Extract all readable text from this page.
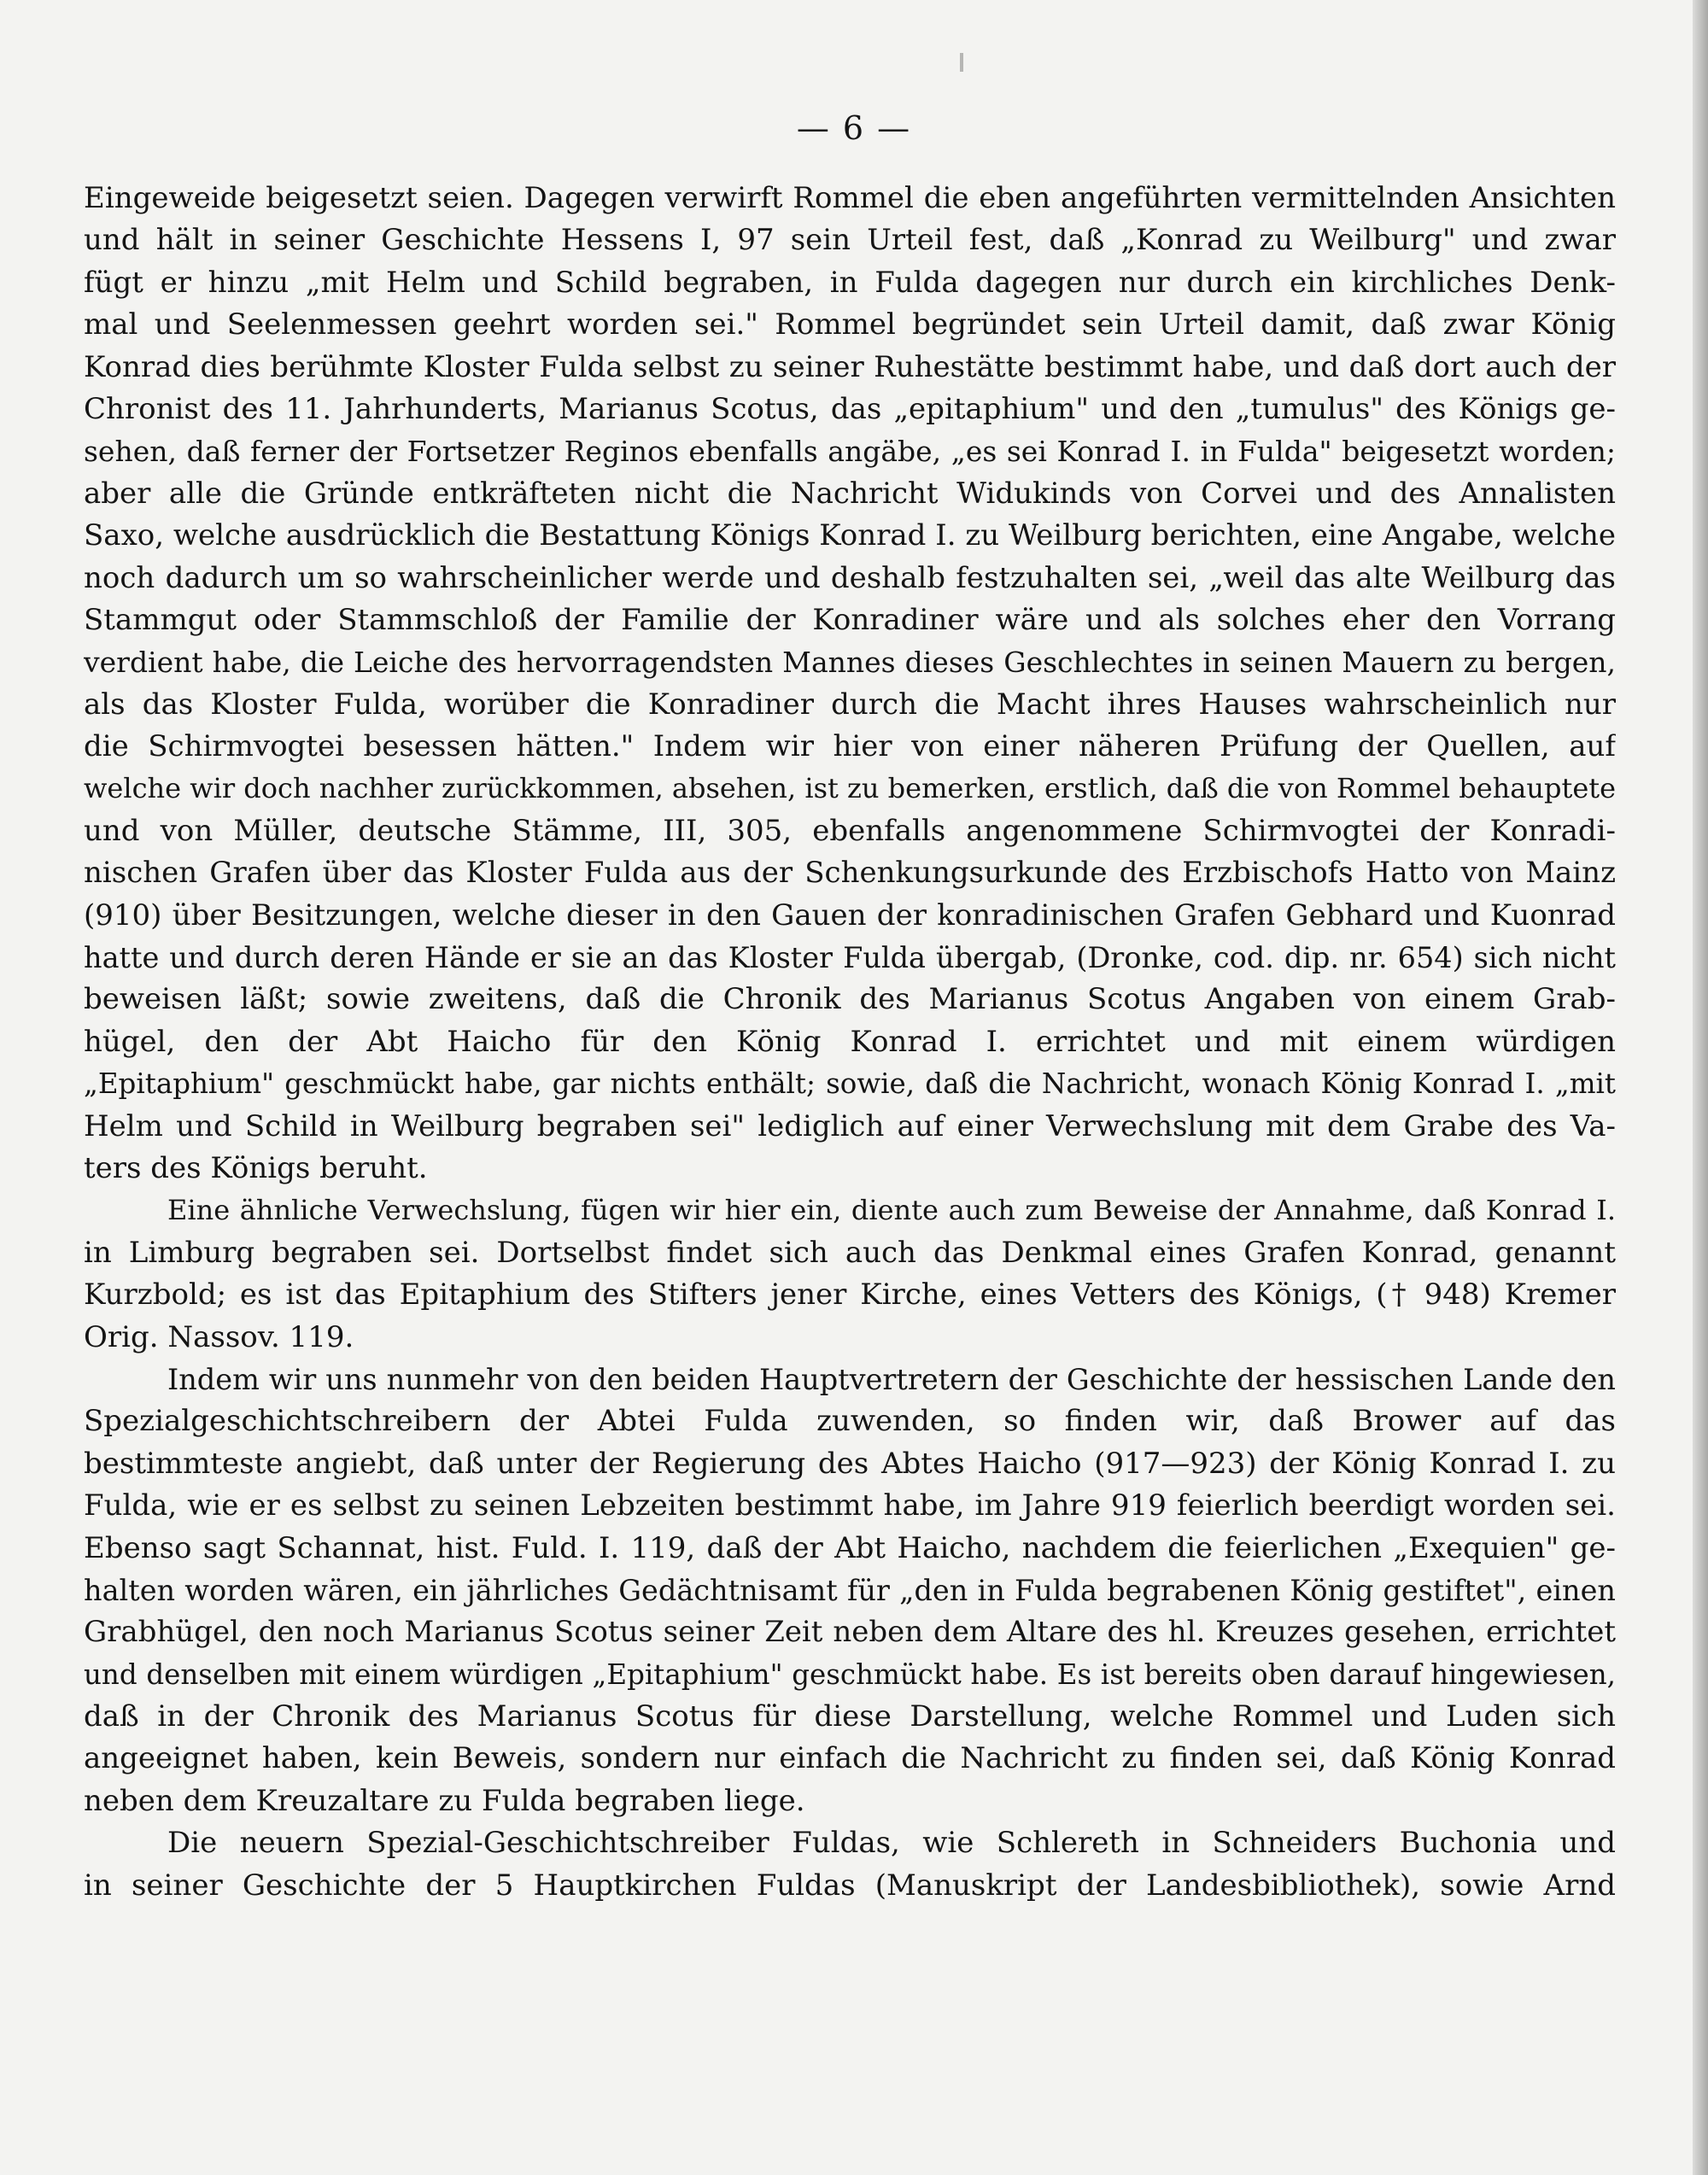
— 6 —
Eingeweide beigesetzt seien. Dagegen verwirft Rommel die eben angeführten vermittelnden Ansichten
und hält in seiner Geschichte Hessens I, 97 sein Urteil fest, daß „Konrad zu Weilburg" und zwar
fügt er hinzu „mit Helm und Schild begraben, in Fulda dagegen nur durch ein kirchliches Denk-
mal und Seelenmessen geehrt worden sei." Rommel begründet sein Urteil damit, daß zwar König
Konrad dies berühmte Kloster Fulda selbst zu seiner Ruhestätte bestimmt habe, und daß dort auch der
Chronist des 11. Jahrhunderts, Marianus Scotus, das „epitaphium" und den „tumulus" des Königs ge-
sehen, daß ferner der Fortsetzer Reginos ebenfalls angäbe, „es sei Konrad I. in Fulda" beigesetzt worden;
aber alle die Gründe entkräfteten nicht die Nachricht Widukinds von Corvei und des Annalisten
Saxo, welche ausdrücklich die Bestattung Königs Konrad I. zu Weilburg berichten, eine Angabe, welche
noch dadurch um so wahrscheinlicher werde und deshalb festzuhalten sei, „weil das alte Weilburg das
Stammgut oder Stammschloß der Familie der Konradiner wäre und als solches eher den Vorrang
verdient habe, die Leiche des hervorragendsten Mannes dieses Geschlechtes in seinen Mauern zu bergen,
als das Kloster Fulda, worüber die Konradiner durch die Macht ihres Hauses wahrscheinlich nur
die Schirmvogtei besessen hätten." Indem wir hier von einer näheren Prüfung der Quellen, auf
welche wir doch nachher zurückkommen, absehen, ist zu bemerken, erstlich, daß die von Rommel behauptete
und von Müller, deutsche Stämme, III, 305, ebenfalls angenommene Schirmvogtei der Konradi-
nischen Grafen über das Kloster Fulda aus der Schenkungsurkunde des Erzbischofs Hatto von Mainz
(910) über Besitzungen, welche dieser in den Gauen der konradinischen Grafen Gebhard und Kuonrad
hatte und durch deren Hände er sie an das Kloster Fulda übergab, (Dronke, cod. dip. nr. 654) sich nicht
beweisen läßt; sowie zweitens, daß die Chronik des Marianus Scotus Angaben von einem Grab-
hügel, den der Abt Haicho für den König Konrad I. errichtet und mit einem würdigen
„Epitaphium" geschmückt habe, gar nichts enthält; sowie, daß die Nachricht, wonach König Konrad I. „mit
Helm und Schild in Weilburg begraben sei" lediglich auf einer Verwechslung mit dem Grabe des Va-
ters des Königs beruht.
Eine ähnliche Verwechslung, fügen wir hier ein, diente auch zum Beweise der Annahme, daß Konrad I.
in Limburg begraben sei. Dortselbst findet sich auch das Denkmal eines Grafen Konrad, genannt
Kurzbold; es ist das Epitaphium des Stifters jener Kirche, eines Vetters des Königs, († 948) Kremer
Orig. Nassov. 119.
Indem wir uns nunmehr von den beiden Hauptvertretern der Geschichte der hessischen Lande den
Spezialgeschichtschreibern der Abtei Fulda zuwenden, so finden wir, daß Brower auf das
bestimmteste angiebt, daß unter der Regierung des Abtes Haicho (917—923) der König Konrad I. zu
Fulda, wie er es selbst zu seinen Lebzeiten bestimmt habe, im Jahre 919 feierlich beerdigt worden sei.
Ebenso sagt Schannat, hist. Fuld. I. 119, daß der Abt Haicho, nachdem die feierlichen „Exequien" ge-
halten worden wären, ein jährliches Gedächtnisamt für „den in Fulda begrabenen König gestiftet", einen
Grabhügel, den noch Marianus Scotus seiner Zeit neben dem Altare des hl. Kreuzes gesehen, errichtet
und denselben mit einem würdigen „Epitaphium" geschmückt habe. Es ist bereits oben darauf hingewiesen,
daß in der Chronik des Marianus Scotus für diese Darstellung, welche Rommel und Luden sich
angeeignet haben, kein Beweis, sondern nur einfach die Nachricht zu finden sei, daß König Konrad
neben dem Kreuzaltare zu Fulda begraben liege.
Die neuern Spezial-Geschichtschreiber Fuldas, wie Schlereth in Schneiders Buchonia und
in seiner Geschichte der 5 Hauptkirchen Fuldas (Manuskript der Landesbibliothek), sowie Arnd
